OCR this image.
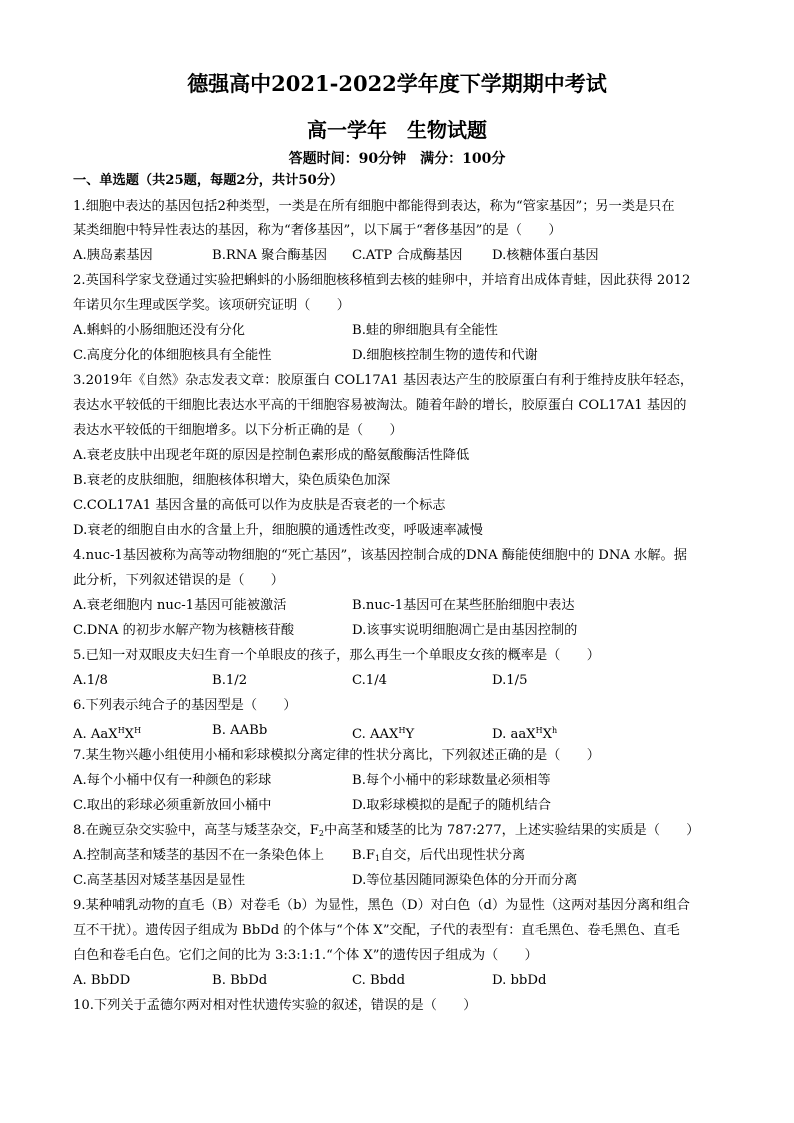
德强高中2021-2022学年度下学期期中考试
高一学年　生物试题
答题时间：90分钟　满分：100分
一、单选题（共25题，每题2分，共计50分）
1.细胞中表达的基因包括2种类型，一类是在所有细胞中都能得到表达，称为“管家基因”；另一类是只在
某类细胞中特异性表达的基因，称为“奢侈基因”，以下属于“奢侈基因”的是（　　）
A.胰岛素基因	B.RNA 聚合酶基因 C.ATP 合成酶基因 D.核糖体蛋白基因
2.英国科学家戈登通过实验把蝌蚪的小肠细胞核移植到去核的蛙卵中，并培育出成体青蛙，因此获得 2012
年诺贝尔生理或医学奖。该项研究证明（　　）
A.蝌蚪的小肠细胞还没有分化	B.蛙的卵细胞具有全能性
C.高度分化的体细胞核具有全能性	D.细胞核控制生物的遗传和代谢
3.2019年《自然》杂志发表文章：胶原蛋白 COL17A1 基因表达产生的胶原蛋白有利于维持皮肤年轻态，
表达水平较低的干细胞比表达水平高的干细胞容易被淘汰。随着年龄的增长，胶原蛋白 COL17A1 基因的
表达水平较低的干细胞增多。以下分析正确的是（　　）
A.衰老皮肤中出现老年斑的原因是控制色素形成的酪氨酸酶活性降低
B.衰老的皮肤细胞，细胞核体积增大，染色质染色加深
C.COL17A1 基因含量的高低可以作为皮肤是否衰老的一个标志
D.衰老的细胞自由水的含量上升，细胞膜的通透性改变，呼吸速率减慢
4.nuc-1基因被称为高等动物细胞的“死亡基因”，该基因控制合成的DNA 酶能使细胞中的 DNA 水解。据
此分析，下列叙述错误的是（　　）
A.衰老细胞内 nuc-1基因可能被激活	B.nuc-1基因可在某些胚胎细胞中表达
C.DNA 的初步水解产物为核糖核苷酸	D.该事实说明细胞凋亡是由基因控制的
5.已知一对双眼皮夫妇生育一个单眼皮的孩子，那么再生一个单眼皮女孩的概率是（　　）
A.1/8	B.1/2	C.1/4	D.1/5
6.下列表示纯合子的基因型是（　　）
A. $AaX^HX^H$	B. AABb	C. $AAX^HY$	D. $aaX^HX^h$
7.某生物兴趣小组使用小桶和彩球模拟分离定律的性状分离比，下列叙述正确的是（　　）
A.每个小桶中仅有一种颜色的彩球	B.每个小桶中的彩球数量必须相等
C.取出的彩球必须重新放回小桶中	D.取彩球模拟的是配子的随机结合
8.在豌豆杂交实验中，高茎与矮茎杂交，$F_2$中高茎和矮茎的比为 787:277，上述实验结果的实质是（　　）
A.控制高茎和矮茎的基因不在一条染色体上 $B.F_1$自交，后代出现性状分离
C.高茎基因对矮茎基因是显性	D.等位基因随同源染色体的分开而分离
9.某种哺乳动物的直毛（B）对卷毛（b）为显性，黑色（D）对白色（d）为显性（这两对基因分离和组合
互不干扰）。遗传因子组成为 BbDd 的个体与“个体 X”交配，子代的表型有：直毛黑色、卷毛黑色、直毛
白色和卷毛白色。它们之间的比为 3:3:1:1.“个体 X”的遗传因子组成为（　　）
A. BbDD	B. BbDd	C. Bbdd	D. bbDd
10.下列关于孟德尔两对相对性状遗传实验的叙述，错误的是（　　）
